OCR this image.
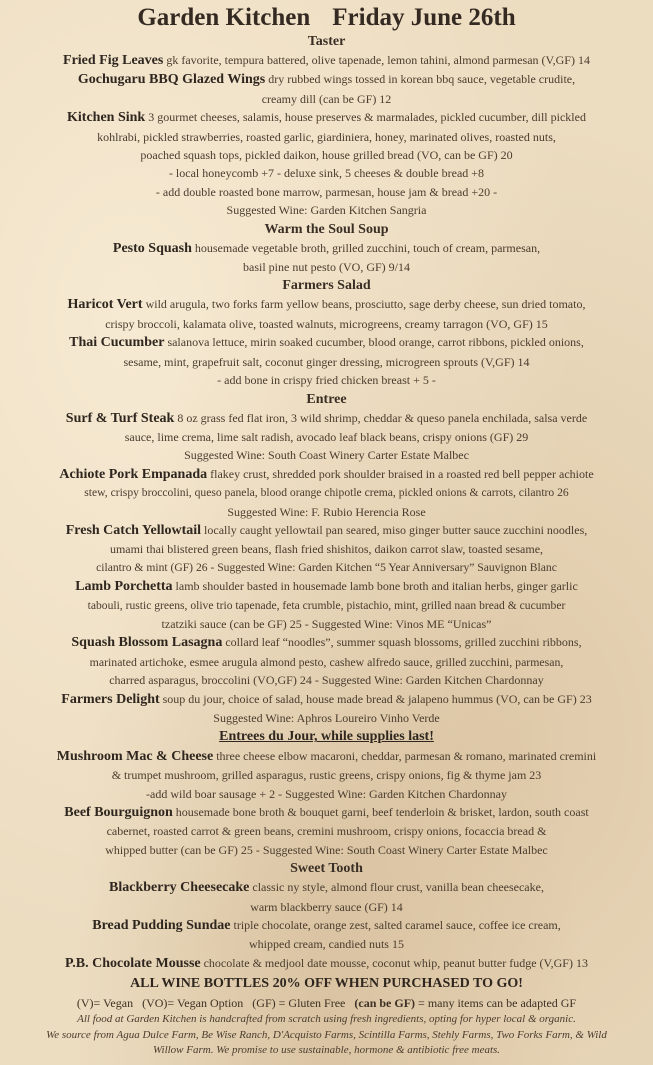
Garden Kitchen Friday June 26th
Taster
Fried Fig Leaves gk favorite, tempura battered, olive tapenade, lemon tahini, almond parmesan (V,GF) 14
Gochugaru BBQ Glazed Wings dry rubbed wings tossed in korean bbq sauce, vegetable crudite,
creamy dill (can be GF) 12
Kitchen Sink 3 gourmet cheeses, salamis, house preserves & marmalades, pickled cucumber, dill pickled
kohlrabi, pickled strawberries, roasted garlic, giardiniera, honey, marinated olives, roasted nuts,
poached squash tops, pickled daikon, house grilled bread (VO, can be GF) 20
- local honeycomb +7 - deluxe sink, 5 cheeses & double bread +8
- add double roasted bone marrow, parmesan, house jam & bread +20 -
Suggested Wine: Garden Kitchen Sangria
Warm the Soul Soup
Pesto Squash housemade vegetable broth, grilled zucchini, touch of cream, parmesan,
basil pine nut pesto (VO, GF) 9/14
Farmers Salad
Haricot Vert wild arugula, two forks farm yellow beans, prosciutto, sage derby cheese, sun dried tomato,
crispy broccoli, kalamata olive, toasted walnuts, microgreens, creamy tarragon (VO, GF) 15
Thai Cucumber salanova lettuce, mirin soaked cucumber, blood orange, carrot ribbons, pickled onions,
sesame, mint, grapefruit salt, coconut ginger dressing, microgreen sprouts (V,GF) 14
- add bone in crispy fried chicken breast + 5 -
Entree
Surf & Turf Steak 8 oz grass fed flat iron, 3 wild shrimp, cheddar & queso panela enchilada, salsa verde
sauce, lime crema, lime salt radish, avocado leaf black beans, crispy onions (GF) 29
Suggested Wine: South Coast Winery Carter Estate Malbec
Achiote Pork Empanada flakey crust, shredded pork shoulder braised in a roasted red bell pepper achiote
stew, crispy broccolini, queso panela, blood orange chipotle crema, pickled onions & carrots, cilantro 26
Suggested Wine: F. Rubio Herencia Rose
Fresh Catch Yellowtail locally caught yellowtail pan seared, miso ginger butter sauce zucchini noodles,
umami thai blistered green beans, flash fried shishitos, daikon carrot slaw, toasted sesame,
cilantro & mint (GF) 26 - Suggested Wine: Garden Kitchen “5 Year Anniversary” Sauvignon Blanc
Lamb Porchetta lamb shoulder basted in housemade lamb bone broth and italian herbs, ginger garlic
tabouli, rustic greens, olive trio tapenade, feta crumble, pistachio, mint, grilled naan bread & cucumber
tzatziki sauce (can be GF) 25 - Suggested Wine: Vinos ME “Unicas”
Squash Blossom Lasagna collard leaf “noodles”, summer squash blossoms, grilled zucchini ribbons,
marinated artichoke, esmee arugula almond pesto, cashew alfredo sauce, grilled zucchini, parmesan,
charred asparagus, broccolini (VO,GF) 24 - Suggested Wine: Garden Kitchen Chardonnay
Farmers Delight soup du jour, choice of salad, house made bread & jalapeno hummus (VO, can be GF) 23
Suggested Wine: Aphros Loureiro Vinho Verde
Entrees du Jour, while supplies last!
Mushroom Mac & Cheese three cheese elbow macaroni, cheddar, parmesan & romano, marinated cremini
& trumpet mushroom, grilled asparagus, rustic greens, crispy onions, fig & thyme jam 23
-add wild boar sausage + 2 - Suggested Wine: Garden Kitchen Chardonnay
Beef Bourguignon housemade bone broth & bouquet garni, beef tenderloin & brisket, lardon, south coast
cabernet, roasted carrot & green beans, cremini mushroom, crispy onions, focaccia bread &
whipped butter (can be GF) 25 - Suggested Wine: South Coast Winery Carter Estate Malbec
Sweet Tooth
Blackberry Cheesecake classic ny style, almond flour crust, vanilla bean cheesecake,
warm blackberry sauce (GF) 14
Bread Pudding Sundae triple chocolate, orange zest, salted caramel sauce, coffee ice cream,
whipped cream, candied nuts 15
P.B. Chocolate Mousse chocolate & medjool date mousse, coconut whip, peanut butter fudge (V,GF) 13
ALL WINE BOTTLES 20% OFF WHEN PURCHASED TO GO!
(V)= Vegan (VO)= Vegan Option (GF) = Gluten Free (can be GF) = many items can be adapted GF
All food at Garden Kitchen is handcrafted from scratch using fresh ingredients, opting for hyper local & organic.
We source from Agua Dulce Farm, Be Wise Ranch, D'Acquisto Farms, Scintilla Farms, Stehly Farms, Two Forks Farm, & Wild
Willow Farm. We promise to use sustainable, hormone & antibiotic free meats.
